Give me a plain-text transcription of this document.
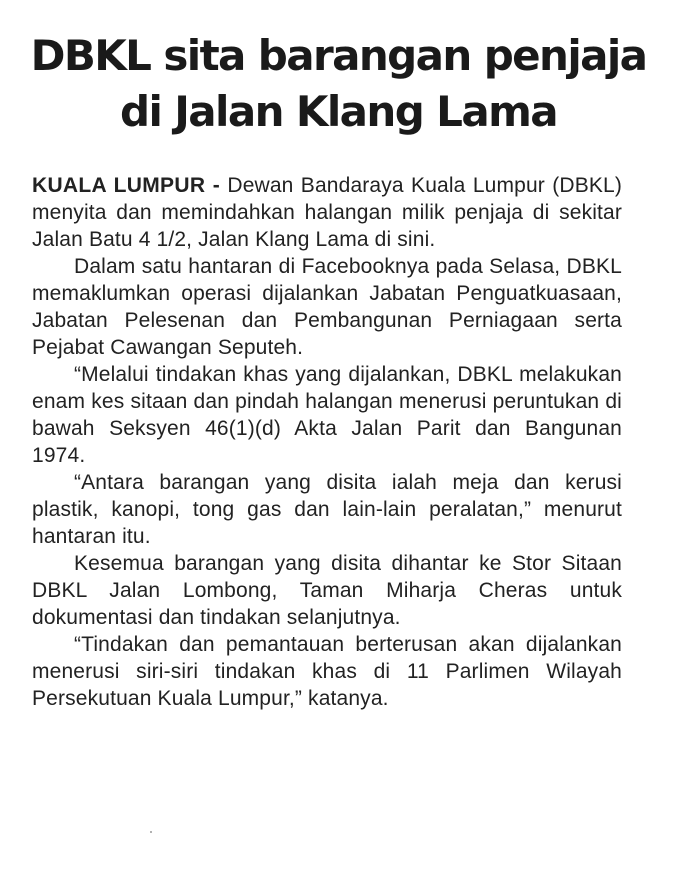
DBKL sita barangan penjaja
di Jalan Klang Lama

KUALA LUMPUR - Dewan Bandaraya Kuala Lumpur (DBKL) menyita dan memindahkan halangan milik penjaja di sekitar Jalan Batu 4 1/2, Jalan Klang Lama di sini.

Dalam satu hantaran di Facebooknya pada Selasa, DBKL memaklumkan operasi dijalankan Jabatan Penguatkuasaan, Jabatan Pelesenan dan Pembangunan Perniagaan serta Pejabat Cawangan Seputeh.

“Melalui tindakan khas yang dijalankan, DBKL melakukan enam kes sitaan dan pindah halangan menerusi peruntukan di bawah Seksyen 46(1)(d) Akta Jalan Parit dan Bangunan 1974.

“Antara barangan yang disita ialah meja dan kerusi plastik, kanopi, tong gas dan lain-lain peralatan,” menurut hantaran itu.

Kesemua barangan yang disita dihantar ke Stor Sitaan DBKL Jalan Lombong, Taman Miharja Cheras untuk dokumentasi dan tindakan selanjutnya.

“Tindakan dan pemantauan berterusan akan dijalankan menerusi siri-siri tindakan khas di 11 Parlimen Wilayah Persekutuan Kuala Lumpur,” katanya.
